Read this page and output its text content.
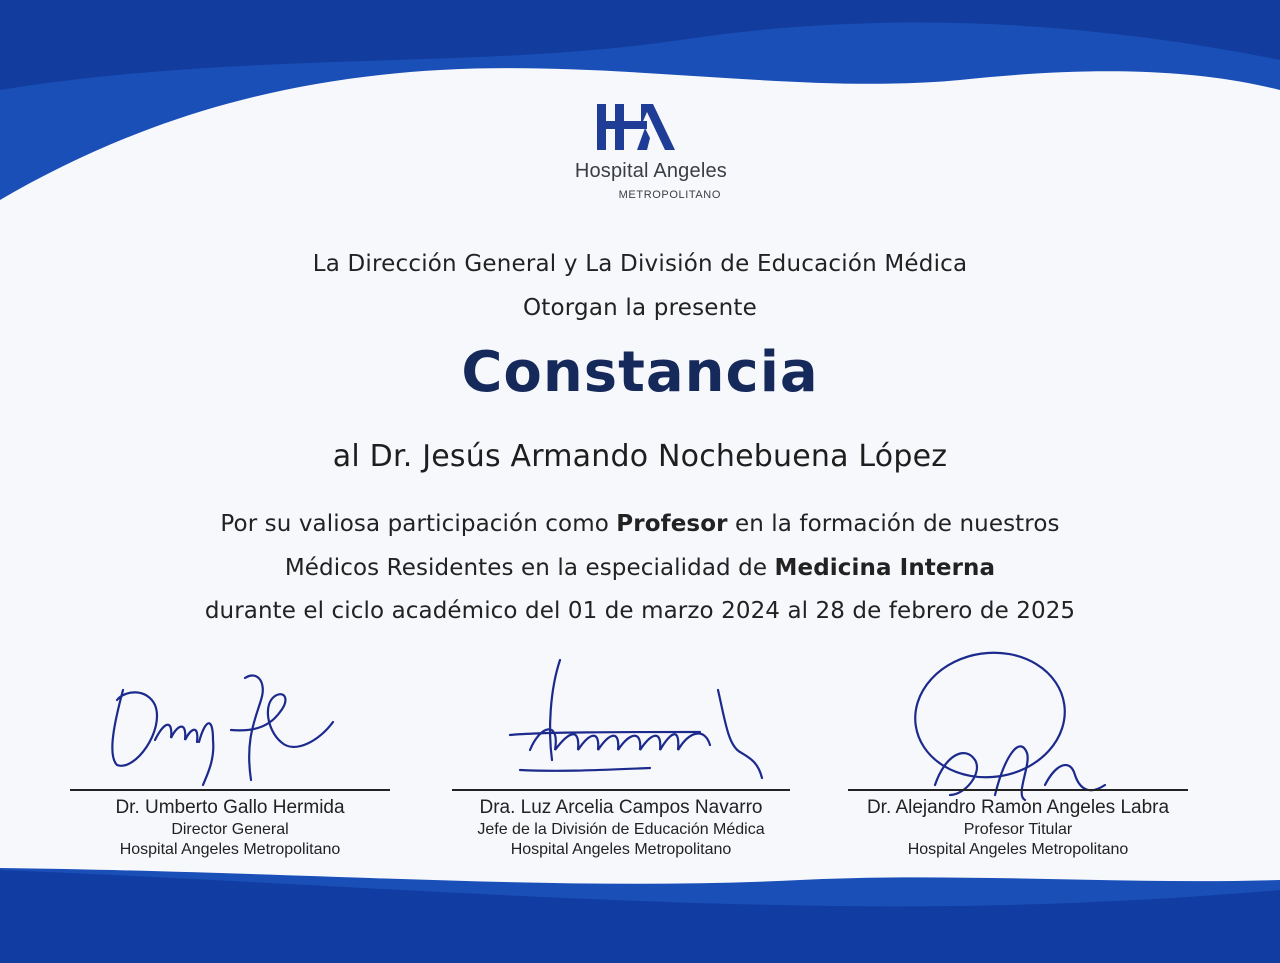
Hospital Angeles
METROPOLITANO
La Dirección General y La División de Educación Médica
Otorgan la presente
Constancia
al Dr. Jesús Armando Nochebuena López
Por su valiosa participación como Profesor en la formación de nuestros
Médicos Residentes en la especialidad de Medicina Interna
durante el ciclo académico del 01 de marzo 2024 al 28 de febrero de 2025
Dr. Umberto Gallo Hermida
Director General
Hospital Angeles Metropolitano
Dra. Luz Arcelia Campos Navarro
Jefe de la División de Educación Médica
Hospital Angeles Metropolitano
Dr. Alejandro Ramon Angeles Labra
Profesor Titular
Hospital Angeles Metropolitano
